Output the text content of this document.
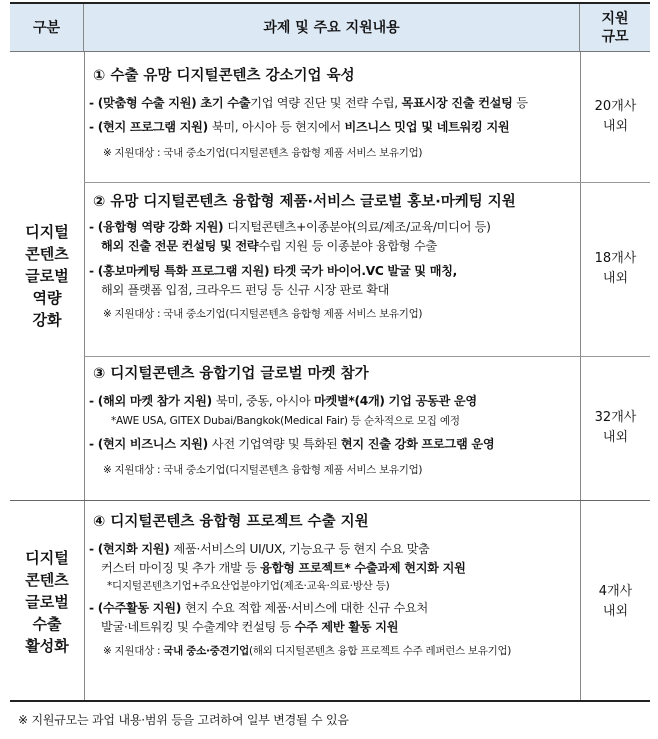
구분	과제 및 주요 지원내용
지원
규모
디지털
콘텐츠
글로벌
역량
강화
디지털
콘텐츠
글로벌
수출
활성화
① 수출 유망 디지털콘텐츠 강소기업 육성
- (맞춤형 수출 지원) 초기 수출기업 역량 진단 및 전략 수립, 목표시장 진출 컨설팅 등
- (현지 프로그램 지원) 북미, 아시아 등 현지에서 비즈니스 밋업 및 네트워킹 지원
※ 지원대상 : 국내 중소기업(디지털콘텐츠 융합형 제품 서비스 보유기업)
20개사
내외
② 유망 디지털콘텐츠 융합형 제품·서비스 글로벌 홍보·마케팅 지원
- (융합형 역량 강화 지원) 디지털콘텐츠+이종분야(의료/제조/교육/미디어 등)
해외 진출 전문 컨설팅 및 전략수립 지원 등 이종분야 융합형 수출
- (홍보마케팅 특화 프로그램 지원) 타겟 국가 바이어.VC 발굴 및 매칭,
해외 플랫폼 입점, 크라우드 펀딩 등 신규 시장 판로 확대
※ 지원대상 : 국내 중소기업(디지털콘텐츠 융합형 제품 서비스 보유기업)
18개사
내외
③ 디지털콘텐츠 융합기업 글로벌 마켓 참가
- (해외 마켓 참가 지원) 북미, 중동, 아시아 마켓별*(4개) 기업 공동관 운영
*AWE USA, GITEX Dubai/Bangkok(Medical Fair) 등 순차적으로 모집 예정
- (현지 비즈니스 지원) 사전 기업역량 및 특화된 현지 진출 강화 프로그램 운영
※ 지원대상 : 국내 중소기업(디지털콘텐츠 융합형 제품 서비스 보유기업)
32개사
내외
④ 디지털콘텐츠 융합형 프로젝트 수출 지원
- (현지화 지원) 제품·서비스의 UI/UX, 기능요구 등 현지 수요 맞춤
커스터 마이징 및 추가 개발 등 융합형 프로젝트* 수출과제 현지화 지원
*디지털콘텐츠기업+주요산업분야기업(제조·교육·의료·방산 등)
- (수주활동 지원) 현지 수요 적합 제품·서비스에 대한 신규 수요처
발굴·네트워킹 및 수출계약 컨설팅 등 수주 제반 활동 지원
※ 지원대상 : 국내 중소·중견기업(해외 디지털콘텐츠 융합 프로젝트 수주 레퍼런스 보유기업)
4개사
내외
※ 지원규모는 과업 내용·범위 등을 고려하여 일부 변경될 수 있음
